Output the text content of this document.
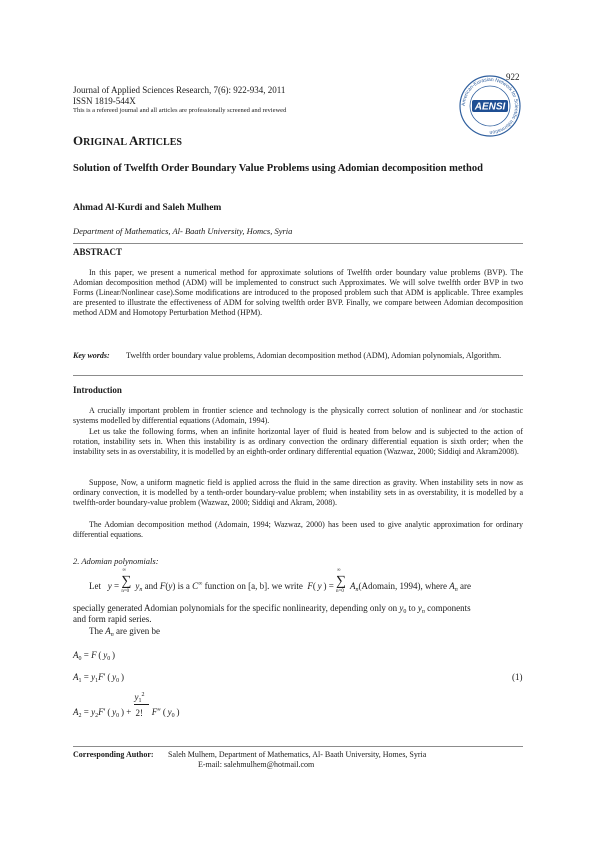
922
Journal of Applied Sciences Research, 7(6): 922-934, 2011
ISSN 1819-544X
This is a refereed journal and all articles are professionally screened and reviewed
American-Eurasian Network for Scientific Information
AENSI
ORIGINAL ARTICLES
Solution of Twelfth Order Boundary Value Problems using Adomian decomposition method
Ahmad Al-Kurdi and Saleh Mulhem
Department of Mathematics, Al- Baath University, Homcs, Syria
ABSTRACT
In this paper, we present a numerical method for approximate solutions of Twelfth order boundary value problems (BVP). The Adomian decomposition method (ADM) will be implemented to construct such Approximates. We will solve twelfth order BVP in two Forms (Linear/Nonlinear case).Some modifications are introduced to the proposed problem such that ADM is applicable. Three examples are presented to illustrate the effectiveness of ADM for solving twelfth order BVP. Finally, we compare between Adomian decomposition method ADM and Homotopy Perturbation Method (HPM).
Key words: Twelfth order boundary value problems, Adomian decomposition method (ADM), Adomian polynomials, Algorithm.
Introduction
A crucially important problem in frontier science and technology is the physically correct solution of nonlinear and /or stochastic systems modelled by differential equations (Adomain, 1994).
Let us take the following forms, when an infinite horizontal layer of fluid is heated from below and is subjected to the action of rotation, instability sets in. When this instability is as ordinary convection the ordinary differential equation is sixth order; when the instability sets in as overstability, it is modelled by an eighth-order ordinary differential equation (Wazwaz, 2000; Siddiqi and Akram2008).
Suppose, Now, a uniform magnetic field is applied across the fluid in the same direction as gravity. When instability sets in now as ordinary convection, it is modelled by a tenth-order boundary-value problem; when instability sets in as overstability, it is modelled by a twelfth-order boundary-value problem (Wazwaz, 2000; Siddiqi and Akram, 2008).
The Adomian decomposition method (Adomain, 1994; Wazwaz, 2000) has been used to give analytic approximation for ordinary differential equations.
2. Adomian polynomials:
Let   y =
∞
∑
n=0
$y_n$ and F(y) is a C∞ function on [a, b]. we write F( y ) =
∞
∑
n=0
$A_n(Adomain$, 1994), where $A_n$ are
specially generated Adomian polynomials for the specific nonlinearity, depending only on $y_0$ to $y_n$ components
and form rapid series.
The $A_n$ are given be
$A_0 = F$ ( $y_0$ )
$A_1 = y_1F'$ ( $y_0$ )	(1)
$A_2 = y_2F'$ ( $y_0$ ) + $\frac{y_1^2}{2!} F''$ ( $y_0$ )
Corresponding Author: Saleh Mulhem, Department of Mathematics, Al- Baath University, Homes, Syria
E-mail: salehmulhem@hotmail.com
